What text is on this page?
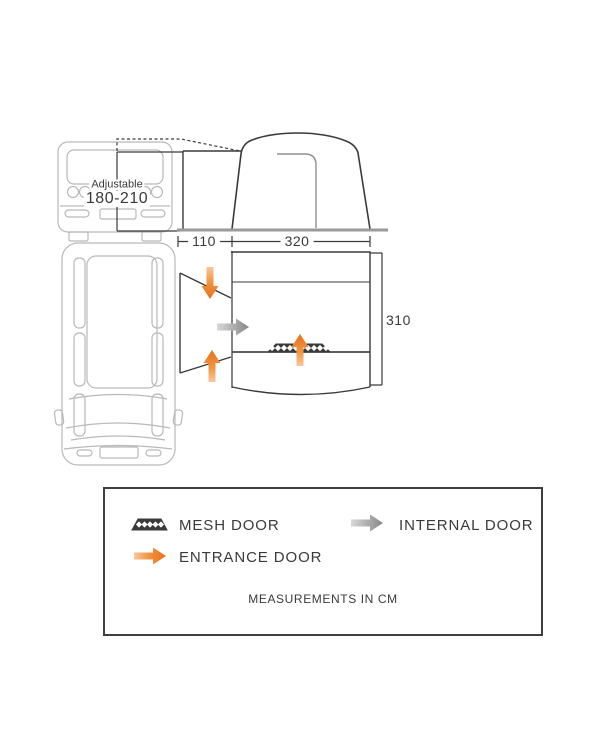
Adjustable
180-210
110	320
310
MESH DOOR	INTERNAL DOOR
ENTRANCE DOOR
MEASUREMENTS IN CM
